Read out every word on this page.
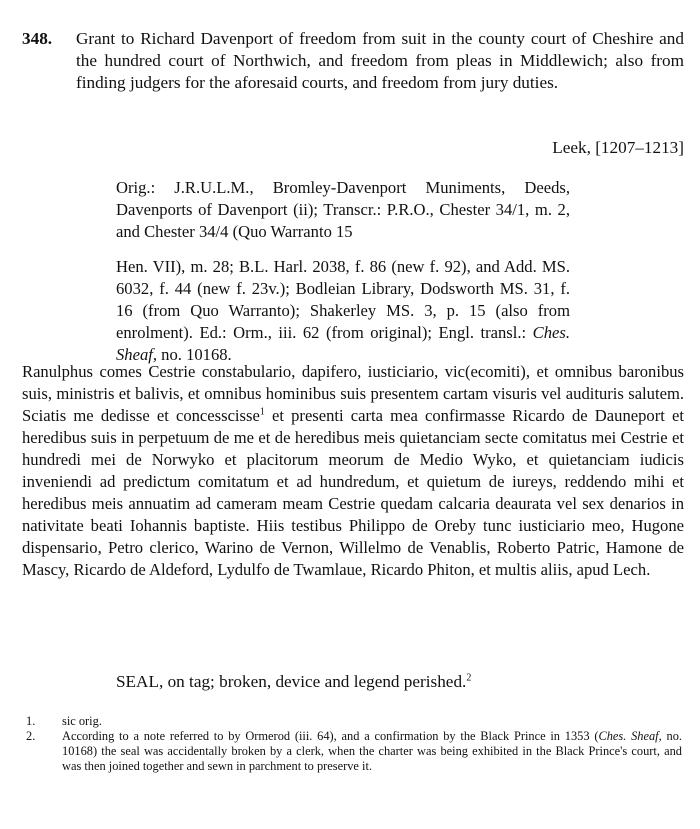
348. Grant to Richard Davenport of freedom from suit in the county court of Cheshire and the hundred court of Northwich, and freedom from pleas in Middlewich; also from finding judgers for the aforesaid courts, and freedom from jury duties.
Leek, [1207–1213]

Orig.: J.R.U.L.M., Bromley-Davenport Muniments, Deeds, Davenports of Davenport (ii); Transcr.: P.R.O., Chester 34/1, m. 2, and Chester 34/4 (Quo Warranto 15

Hen. VII), m. 28; B.L. Harl. 2038, f. 86 (new f. 92), and Add. MS. 6032, f. 44 (new f. 23v.); Bodleian Library, Dodsworth MS. 31, f. 16 (from Quo Warranto); Shakerley MS. 3, p. 15 (also from enrolment). Ed.: Orm., iii. 62 (from original); Engl. transl.: Ches. Sheaf, no. 10168.

Ranulphus comes Cestrie constabulario, dapifero, iusticiario, vic(ecomiti), et omnibus baronibus suis, ministris et balivis, et omnibus hominibus suis presentem cartam visuris vel audituris salutem. Sciatis me dedisse et concesscisse$^1$ et presenti carta mea confirmasse Ricardo de Dauneport et heredibus suis in perpetuum de me et de heredibus meis quietanciam secte comitatus mei Cestrie et hundredi mei de Norwyko et placitorum meorum de Medio Wyko, et quietanciam iudicis inveniendi ad predictum comitatum et ad hundredum, et quietum de iureys, reddendo mihi et heredibus meis annuatim ad cameram meam Cestrie quedam calcaria deaurata vel sex denarios in nativitate beati Iohannis baptiste. Hiis testibus Philippo de Oreby tunc iusticiario meo, Hugone dispensario, Petro clerico, Warino de Vernon, Willelmo de Venablis, Roberto Patric, Hamone de Mascy, Ricardo de Aldeford, Lydulfo de Twamlaue, Ricardo Phiton, et multis aliis, apud Lech.

SEAL, on tag; broken, device and legend perished.$^2$
1. sic orig.
2. According to a note referred to by Ormerod (iii. 64), and a confirmation by the Black Prince in 1353 (Ches. Sheaf, no. 10168) the seal was accidentally broken by a clerk, when the charter was being exhibited in the Black Prince's court, and was then joined together and sewn in parchment to preserve it.
